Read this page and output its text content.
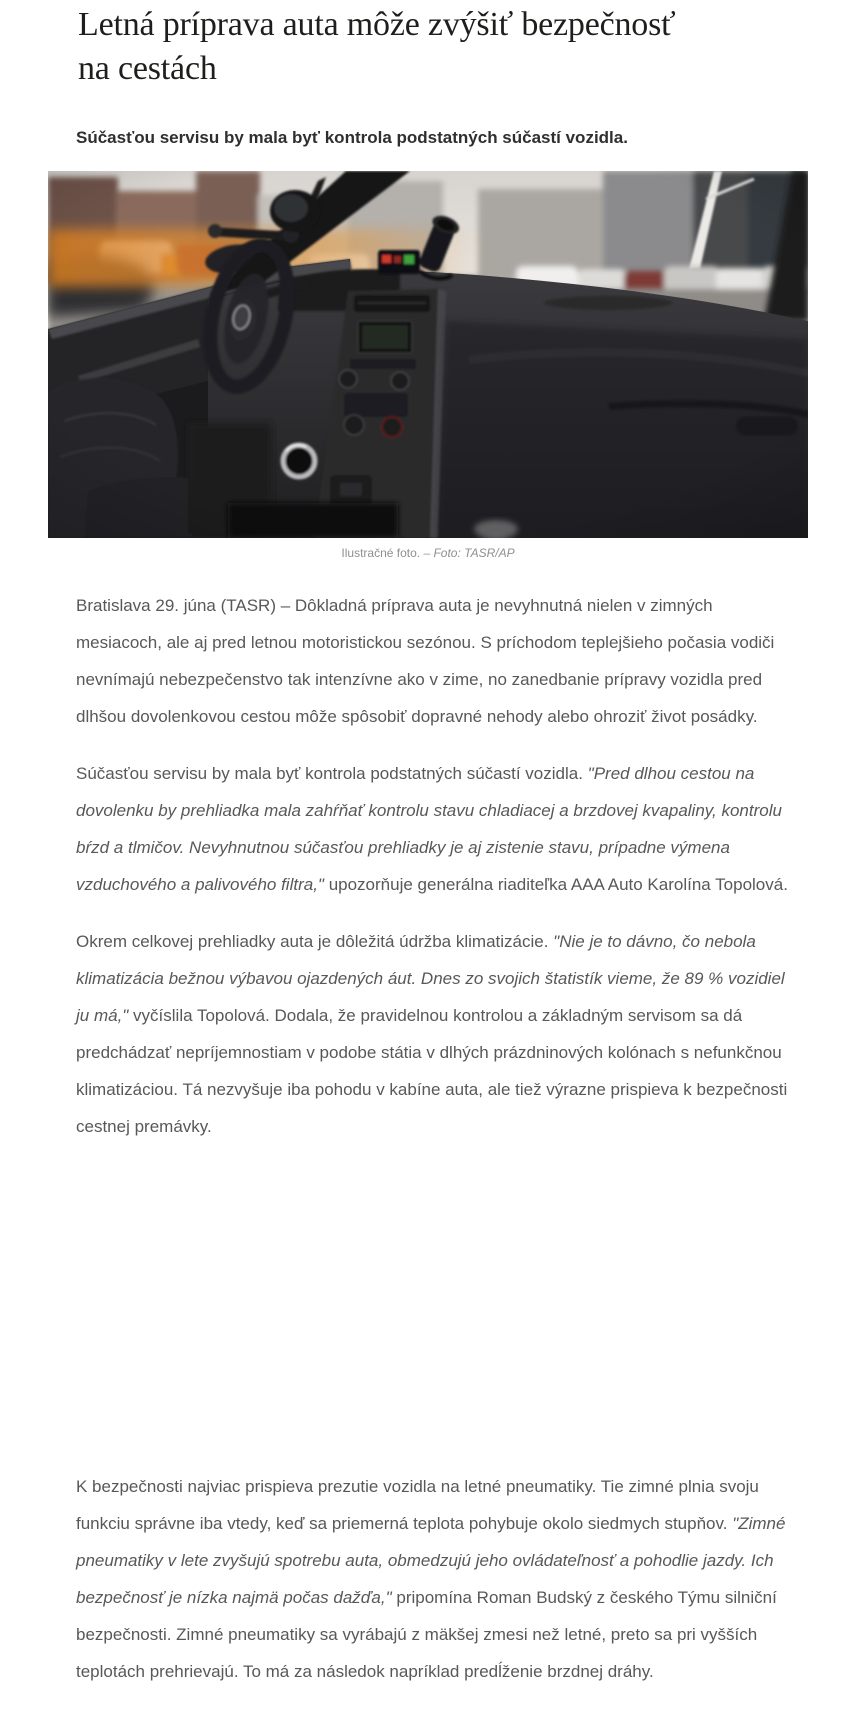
Letná príprava auta môže zvýšiť bezpečnosť na cestách

Súčasťou servisu by mala byť kontrola podstatných súčastí vozidla.

Ilustračné foto. – Foto: TASR/AP

Bratislava 29. júna (TASR) – Dôkladná príprava auta je nevyhnutná nielen v zimných mesiacoch, ale aj pred letnou motoristickou sezónou. S príchodom teplejšieho počasia vodiči nevnímajú nebezpečenstvo tak intenzívne ako v zime, no zanedbanie prípravy vozidla pred dlhšou dovolenkovou cestou môže spôsobiť dopravné nehody alebo ohroziť život posádky.

Súčasťou servisu by mala byť kontrola podstatných súčastí vozidla. "Pred dlhou cestou na dovolenku by prehliadka mala zahŕňať kontrolu stavu chladiacej a brzdovej kvapaliny, kontrolu bŕzd a tlmičov. Nevyhnutnou súčasťou prehliadky je aj zistenie stavu, prípadne výmena vzduchového a palivového filtra," upozorňuje generálna riaditeľka AAA Auto Karolína Topolová.

Okrem celkovej prehliadky auta je dôležitá údržba klimatizácie. "Nie je to dávno, čo nebola klimatizácia bežnou výbavou ojazdených áut. Dnes zo svojich štatistík vieme, že 89 % vozidiel ju má," vyčíslila Topolová. Dodala, že pravidelnou kontrolou a základným servisom sa dá predchádzať nepríjemnostiam v podobe státia v dlhých prázdninových kolónach s nefunkčnou klimatizáciou. Tá nezvyšuje iba pohodu v kabíne auta, ale tiež výrazne prispieva k bezpečnosti cestnej premávky.

K bezpečnosti najviac prispieva prezutie vozidla na letné pneumatiky. Tie zimné plnia svoju funkciu správne iba vtedy, keď sa priemerná teplota pohybuje okolo siedmych stupňov. "Zimné pneumatiky v lete zvyšujú spotrebu auta, obmedzujú jeho ovládateľnosť a pohodlie jazdy. Ich bezpečnosť je nízka najmä počas dažďa," pripomína Roman Budský z českého Týmu silniční bezpečnosti. Zimné pneumatiky sa vyrábajú z mäkšej zmesi než letné, preto sa pri vyšších teplotách prehrievajú. To má za následok napríklad predĺženie brzdnej dráhy.
